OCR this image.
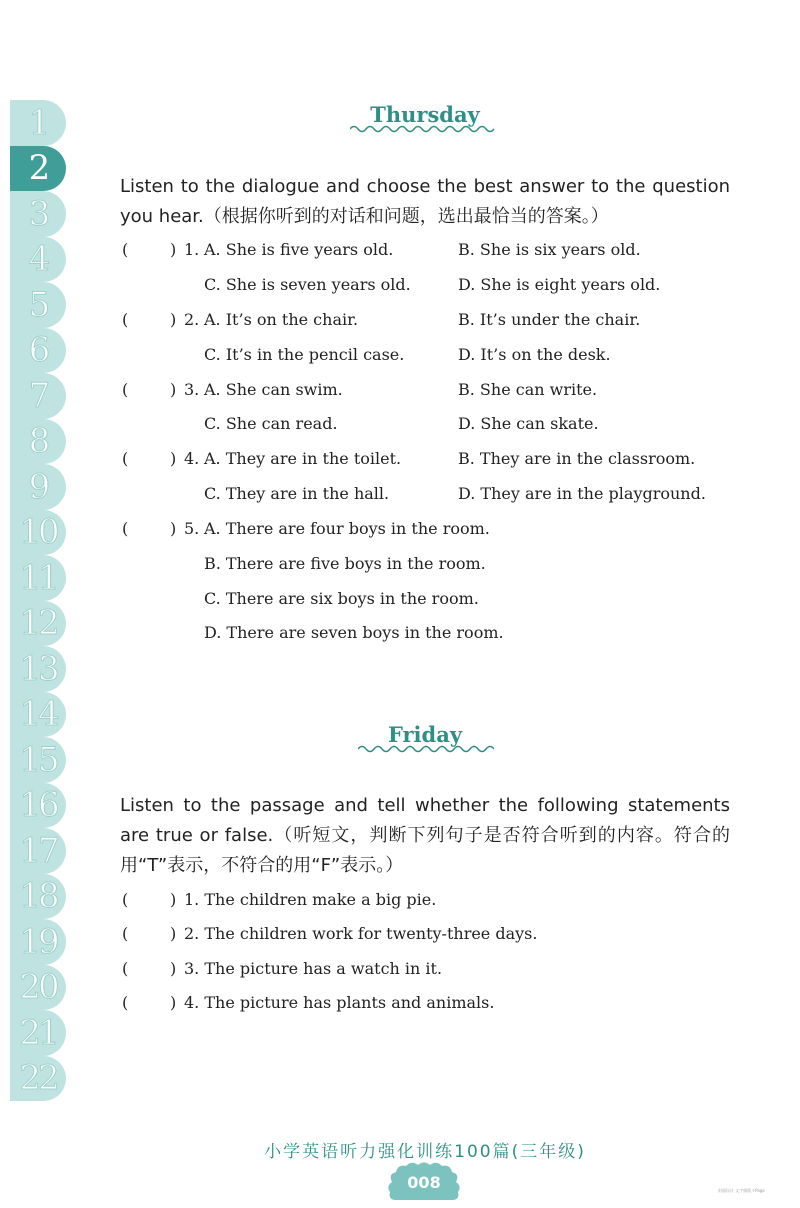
1
2
3
4
5
6
7
8
9
10
11
12
13
14
15
16
17
18
19
20
21
22
Thursday
Listen to the dialogue and choose the best answer to the question you hear.（根据你听到的对话和问题，选出最恰当的答案。）
(	) 1. A. She is five years old.	B. She is six years old.
C. She is seven years old.	D. She is eight years old.
(	) 2. A. It’s on the chair.	B. It’s under the chair.
C. It’s in the pencil case.	D. It’s on the desk.
(	) 3. A. She can swim.	B. She can write.
C. She can read.	D. She can skate.
(	) 4. A. They are in the toilet.	B. They are in the classroom.
C. They are in the hall.	D. They are in the playground.
(	) 5. A. There are four boys in the room.
B. There are five boys in the room.
C. There are six boys in the room.
D. There are seven boys in the room.
Friday
Listen to the passage and tell whether the following statements are true or false.（听短文，判断下列句子是否符合听到的内容。符合的用“T”表示，不符合的用“F”表示。）
(	) 1. The children make a big pie.
(	) 2. The children work for twenty-three days.
(	) 3. The picture has a watch in it.
(	) 4. The picture has plants and animals.
小学英语听力强化训练100篇(三年级)
008	封面设计 文字排版 I-Page
